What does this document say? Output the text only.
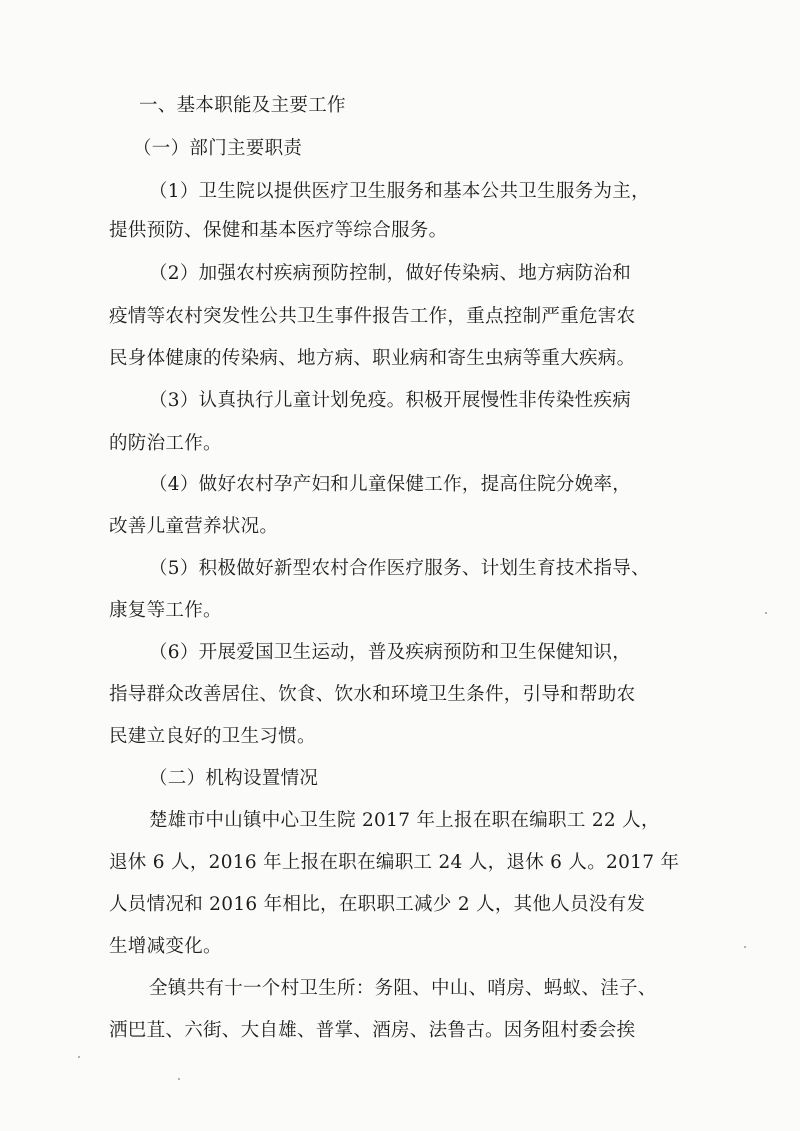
一、基本职能及主要工作
（一）部门主要职责
（1）卫生院以提供医疗卫生服务和基本公共卫生服务为主，
提供预防、保健和基本医疗等综合服务。
（2）加强农村疾病预防控制，做好传染病、地方病防治和
疫情等农村突发性公共卫生事件报告工作，重点控制严重危害农
民身体健康的传染病、地方病、职业病和寄生虫病等重大疾病。
（3）认真执行儿童计划免疫。积极开展慢性非传染性疾病
的防治工作。
（4）做好农村孕产妇和儿童保健工作，提高住院分娩率，
改善儿童营养状况。
（5）积极做好新型农村合作医疗服务、计划生育技术指导、
康复等工作。
（6）开展爱国卫生运动，普及疾病预防和卫生保健知识，
指导群众改善居住、饮食、饮水和环境卫生条件，引导和帮助农
民建立良好的卫生习惯。
（二）机构设置情况
楚雄市中山镇中心卫生院 2017 年上报在职在编职工 22 人，
退休 6 人，2016 年上报在职在编职工 24 人，退休 6 人。2017 年
人员情况和 2016 年相比，在职职工减少 2 人，其他人员没有发
生增减变化。
全镇共有十一个村卫生所：务阻、中山、哨房、蚂蚁、洼子、
洒巴苴、六街、大自雄、普掌、酒房、法鲁古。因务阻村委会挨
